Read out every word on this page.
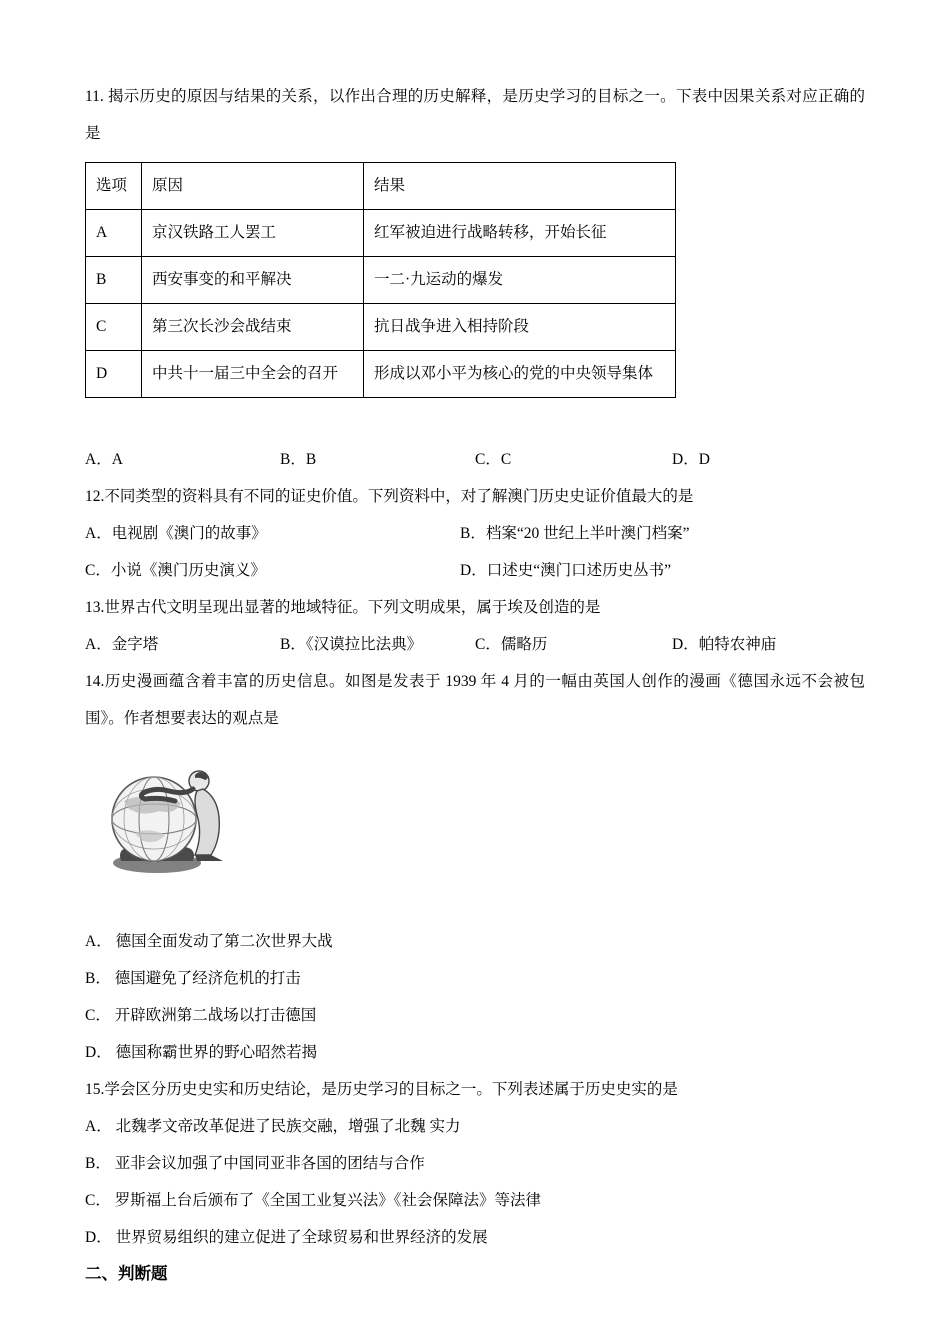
11. 揭示历史的原因与结果的关系，以作出合理的历史解释，是历史学习的目标之一。下表中因果关系对应正确的是

选项	原因	结果
A	京汉铁路工人罢工	红军被迫进行战略转移，开始长征
B	西安事变的和平解决	一二·九运动的爆发
C	第三次长沙会战结束	抗日战争进入相持阶段
D	中共十一届三中全会的召开	形成以邓小平为核心的党的中央领导集体
A．A	B．B	C．C	D．D

12.不同类型的资料具有不同的证史价值。下列资料中，对了解澳门历史史证价值最大的是

A．电视剧《澳门的故事》	B．档案“20 世纪上半叶澳门档案”
C．小说《澳门历史演义》	D．口述史“澳门口述历史丛书”

13.世界古代文明呈现出显著的地域特征。下列文明成果，属于埃及创造的是

A．金字塔	B．《汉谟拉比法典》	C．儒略历	D．帕特农神庙

14.历史漫画蕴含着丰富的历史信息。如图是发表于 1939 年 4 月的一幅由英国人创作的漫画《德国永远不会被包围》。作者想要表达的观点是

A． 德国全面发动了第二次世界大战

B． 德国避免了经济危机的打击

C． 开辟欧洲第二战场以打击德国

D． 德国称霸世界的野心昭然若揭

15.学会区分历史史实和历史结论，是历史学习的目标之一。下列表述属于历史史实的是

A． 北魏孝文帝改革促进了民族交融，增强了北魏 实力

B． 亚非会议加强了中国同亚非各国的团结与合作

C． 罗斯福上台后颁布了《全国工业复兴法》《社会保障法》等法律

D． 世界贸易组织的建立促进了全球贸易和世界经济的发展

二、判断题
